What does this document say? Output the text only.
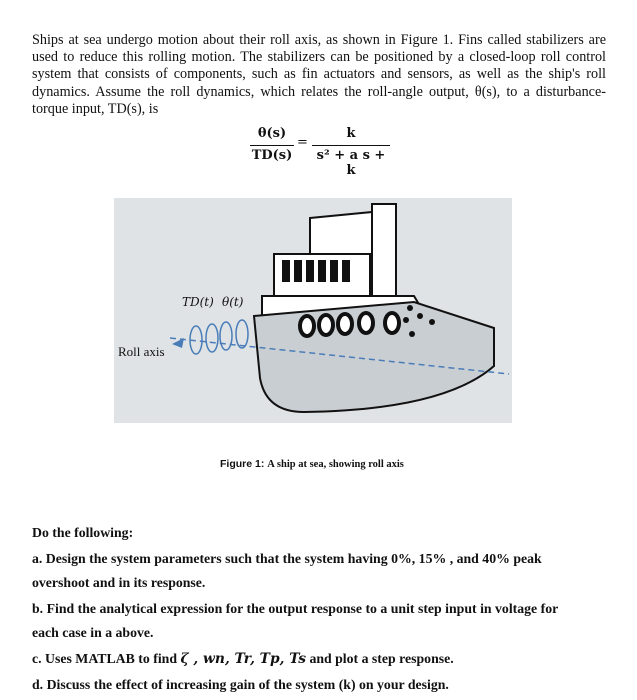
Ships at sea undergo motion about their roll axis, as shown in Figure 1. Fins called stabilizers are used to reduce this rolling motion. The stabilizers can be positioned by a closed-loop roll control system that consists of components, such as fin actuators and sensors, as well as the ship's roll dynamics. Assume the roll dynamics, which relates the roll-angle output, θ(s), to a disturbance-torque input, TD(s), is

θ(s)
TD(s)
=
k
s² + a s + k
TD(t) θ(t)
Roll axis
Figure 1: A ship at sea, showing roll axis

Do the following:

a. Design the system parameters such that the system having 0%, 15% , and 40% peak

overshoot and in its response.

b. Find the analytical expression for the output response to a unit step input in voltage for

each case in a above.

c. Uses MATLAB to find ζ , wn, Tr, Tp, Ts and plot a step response.

d. Discuss the effect of increasing gain of the system (k) on your design.
